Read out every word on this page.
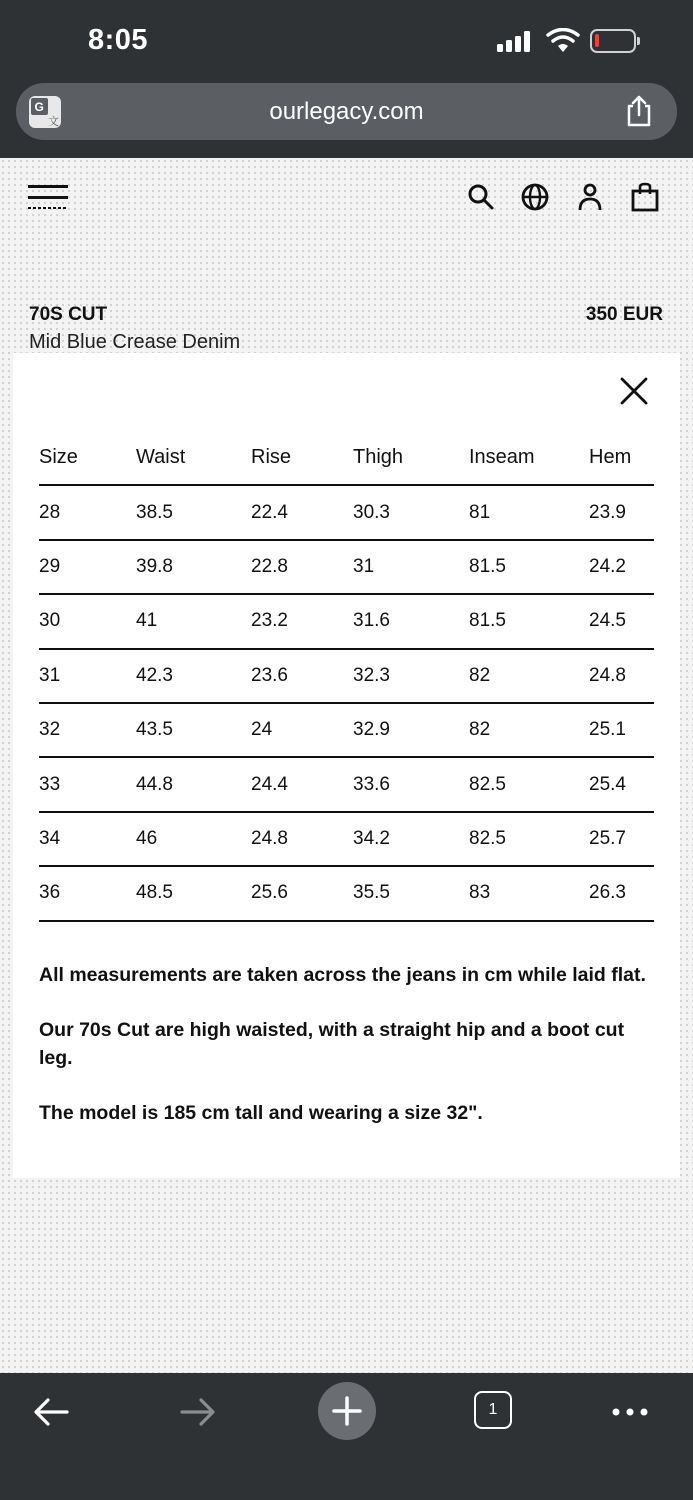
8:05
G
文	ourlegacy.com
70S CUT	350 EUR
Mid Blue Crease Denim
Size	Waist	Rise	Thigh	Inseam	Hem
28	38.5	22.4	30.3	81	23.9
29	39.8	22.8	31	81.5	24.2
30	41	23.2	31.6	81.5	24.5
31	42.3	23.6	32.3	82	24.8
32	43.5	24	32.9	82	25.1
33	44.8	24.4	33.6	82.5	25.4
34	46	24.8	34.2	82.5	25.7
36	48.5	25.6	35.5	83	26.3

All measurements are taken across the jeans in cm while laid flat.

Our 70s Cut are high waisted, with a straight hip and a boot cut leg.

The model is 185 cm tall and wearing a size 32".

1
